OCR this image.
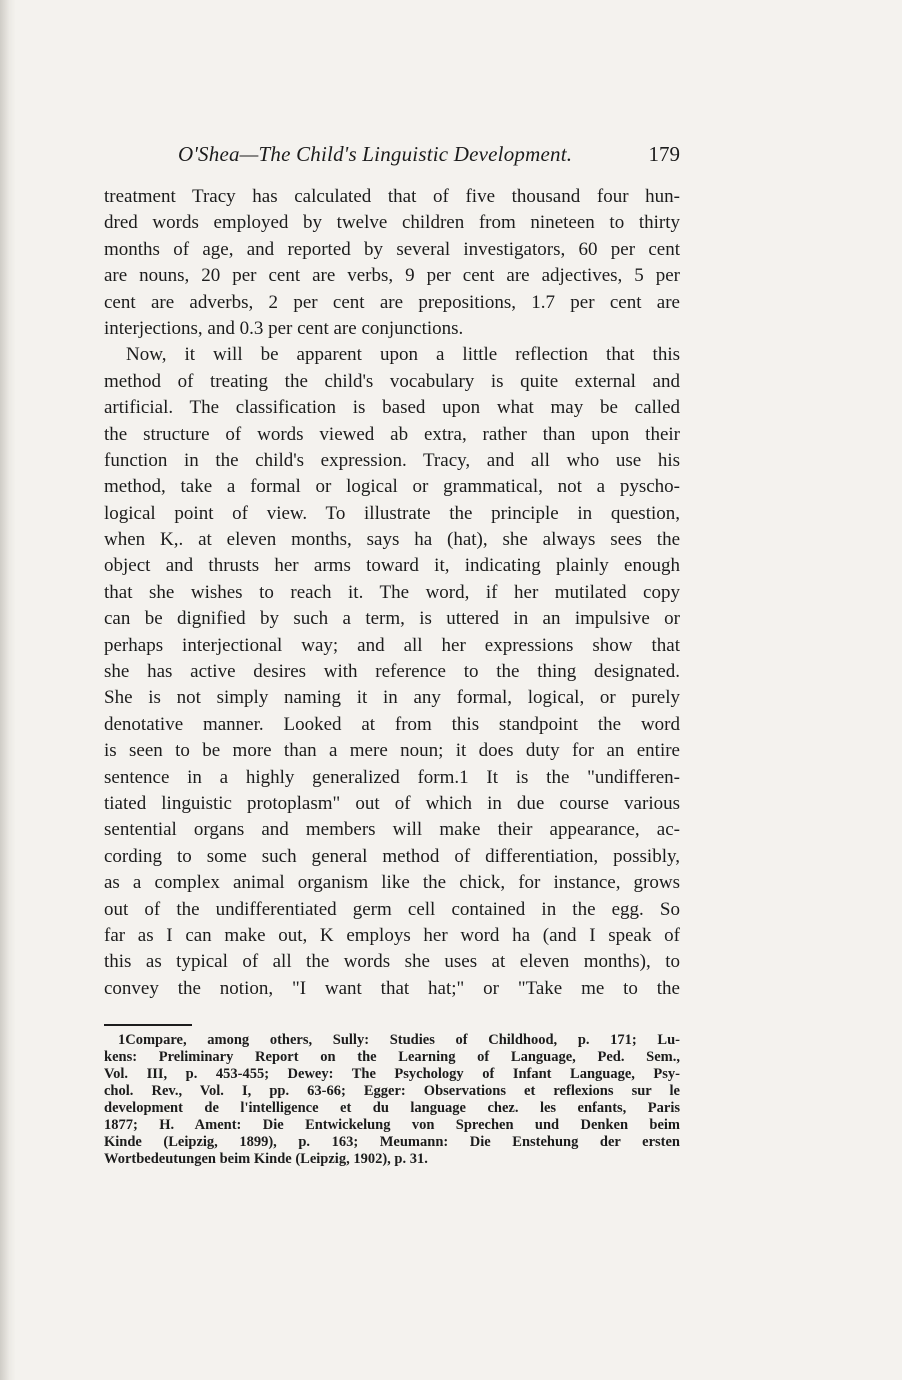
O'Shea—The Child's Linguistic Development.	179
treatment Tracy has calculated that of five thousand four hun-
dred words employed by twelve children from nineteen to thirty
months of age, and reported by several investigators, 60 per cent
are nouns, 20 per cent are verbs, 9 per cent are adjectives, 5 per
cent are adverbs, 2 per cent are prepositions, 1.7 per cent are
interjections, and 0.3 per cent are conjunctions.
Now, it will be apparent upon a little reflection that this
method of treating the child's vocabulary is quite external and
artificial. The classification is based upon what may be called
the structure of words viewed ab extra, rather than upon their
function in the child's expression. Tracy, and all who use his
method, take a formal or logical or grammatical, not a pyscho-
logical point of view. To illustrate the principle in question,
when K,. at eleven months, says ha (hat), she always sees the
object and thrusts her arms toward it, indicating plainly enough
that she wishes to reach it. The word, if her mutilated copy
can be dignified by such a term, is uttered in an impulsive or
perhaps interjectional way; and all her expressions show that
she has active desires with reference to the thing designated.
She is not simply naming it in any formal, logical, or purely
denotative manner. Looked at from this standpoint the word
is seen to be more than a mere noun; it does duty for an entire
sentence in a highly generalized form.1 It is the "undifferen-
tiated linguistic protoplasm" out of which in due course various
sentential organs and members will make their appearance, ac-
cording to some such general method of differentiation, possibly,
as a complex animal organism like the chick, for instance, grows
out of the undifferentiated germ cell contained in the egg. So
far as I can make out, K employs her word ha (and I speak of
this as typical of all the words she uses at eleven months), to
convey the notion, "I want that hat;" or "Take me to the
1Compare, among others, Sully: Studies of Childhood, p. 171; Lu-
kens: Preliminary Report on the Learning of Language, Ped. Sem.,
Vol. III, p. 453-455; Dewey: The Psychology of Infant Language, Psy-
chol. Rev., Vol. I, pp. 63-66; Egger: Observations et reflexions sur le
development de l'intelligence et du language chez. les enfants, Paris
1877; H. Ament: Die Entwickelung von Sprechen und Denken beim
Kinde (Leipzig, 1899), p. 163; Meumann: Die Enstehung der ersten
Wortbedeutungen beim Kinde (Leipzig, 1902), p. 31.
